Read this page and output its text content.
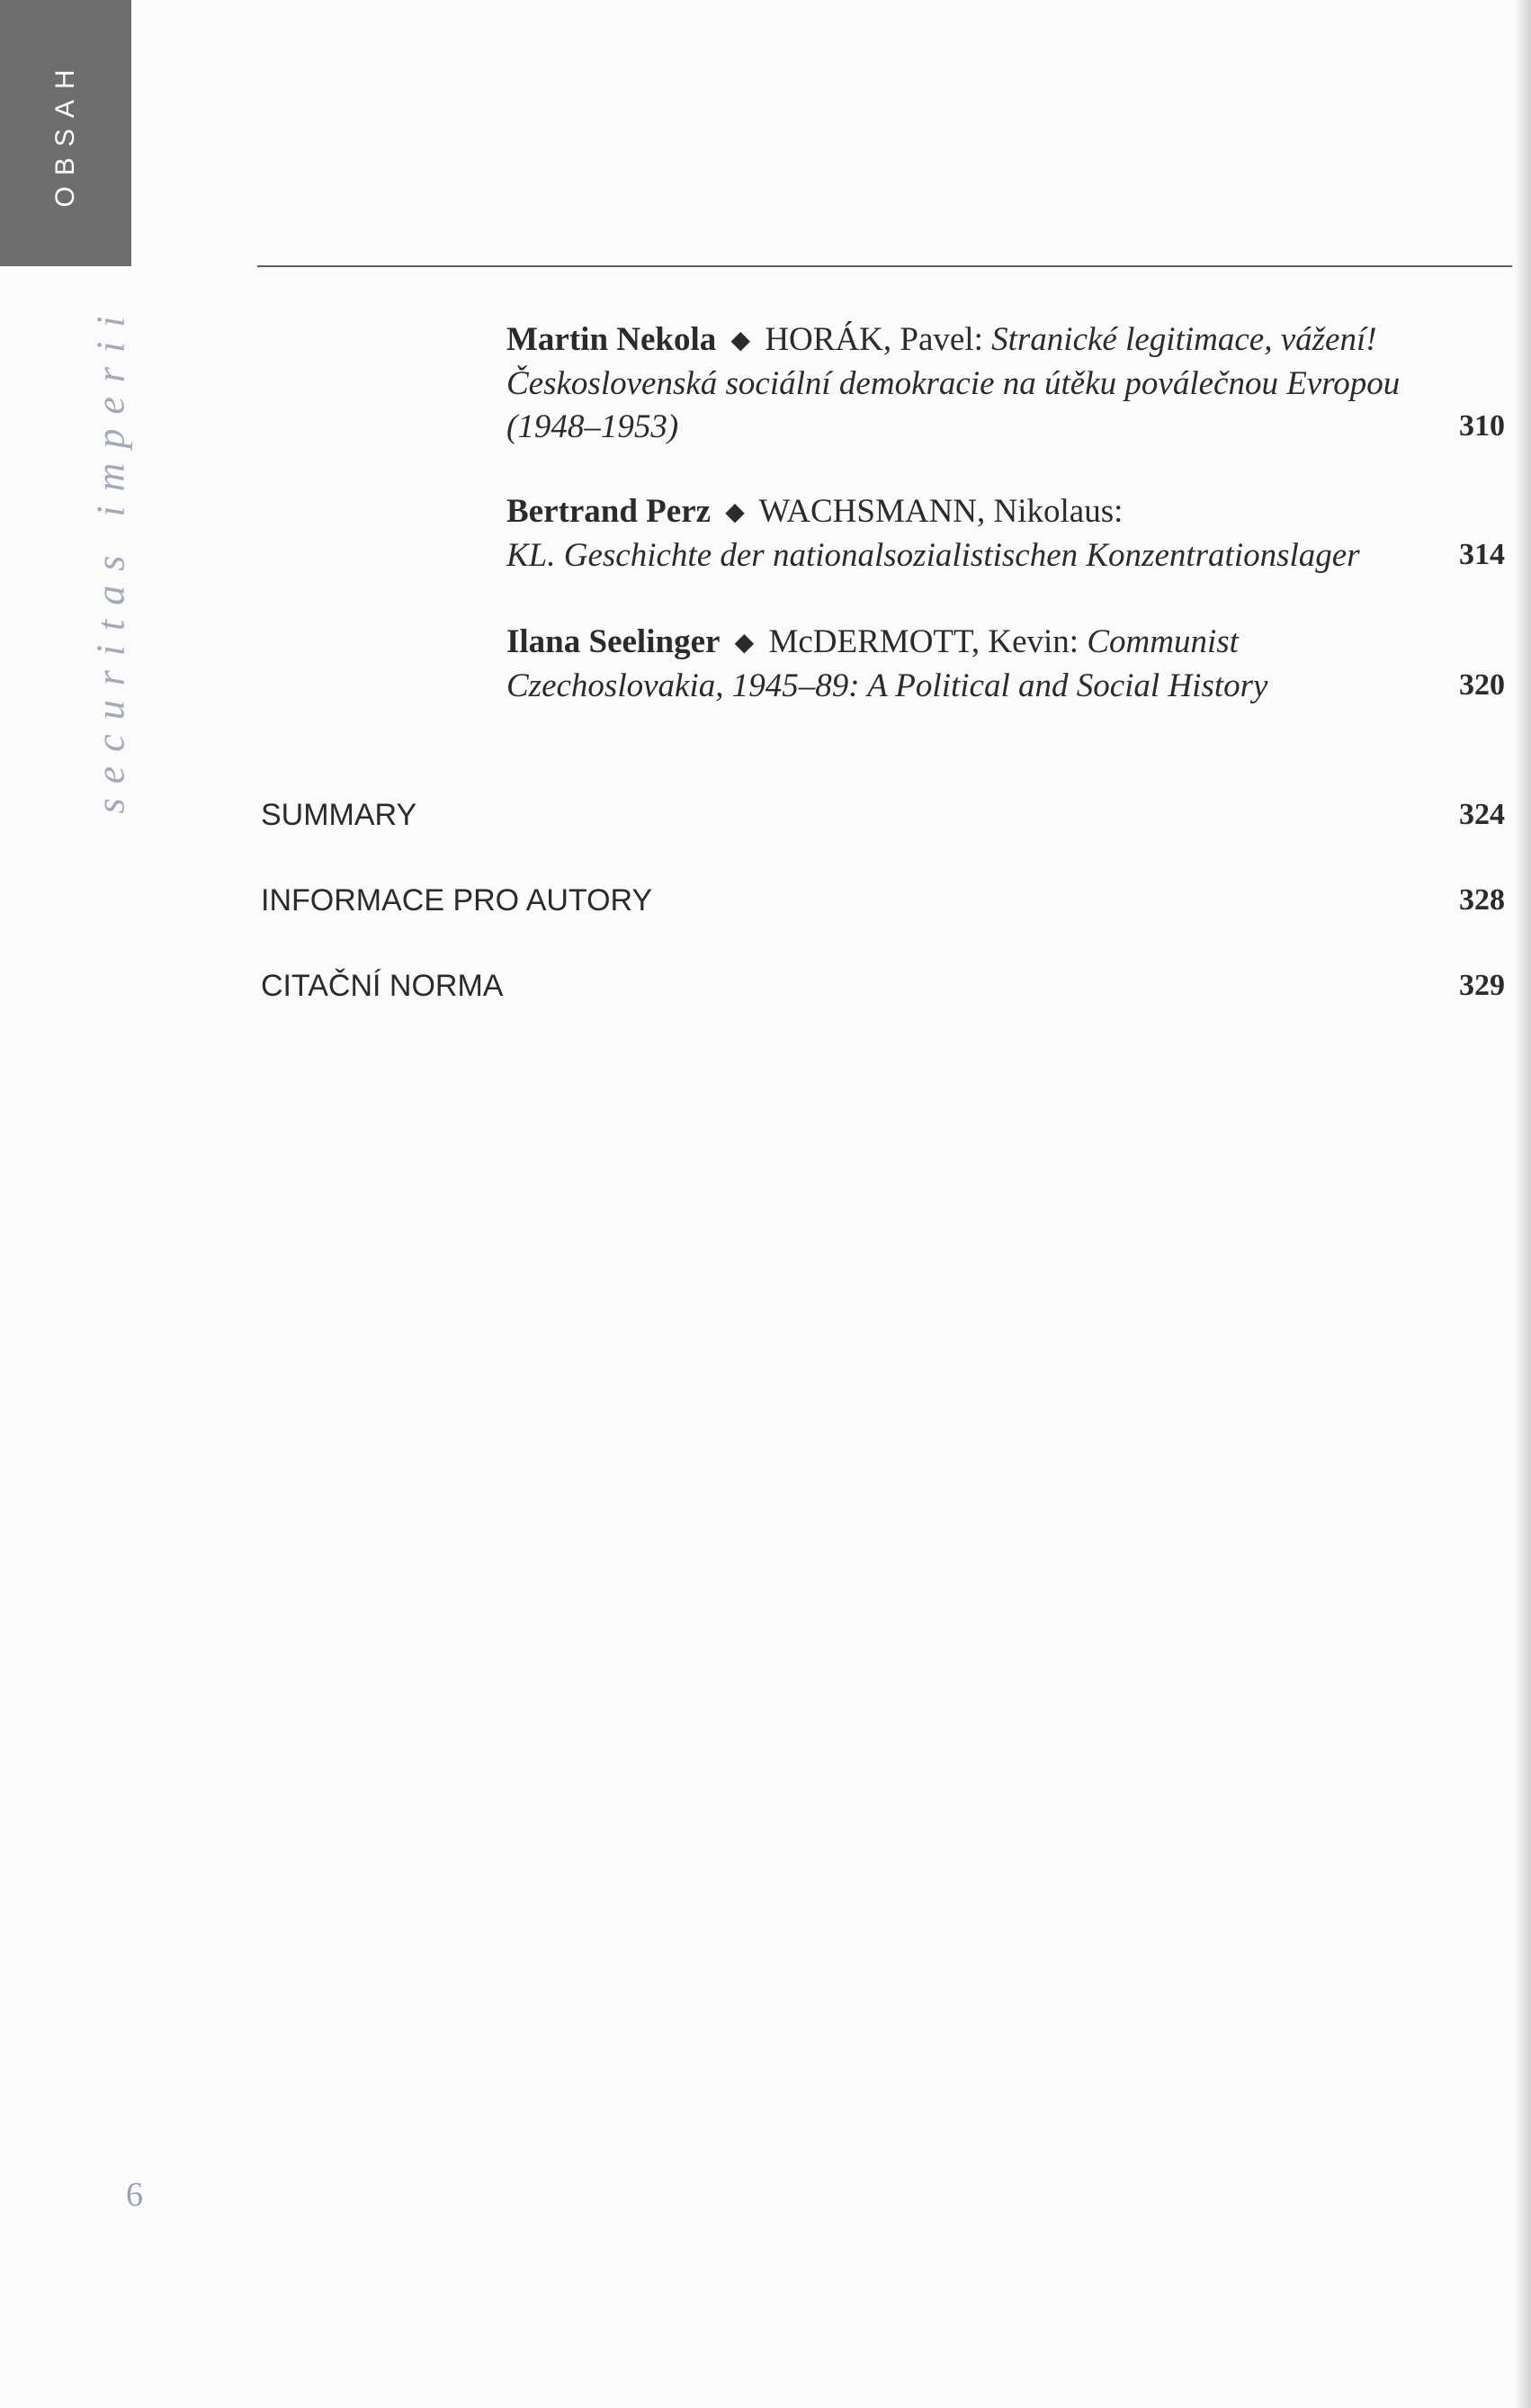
OBSAH
securitas imperii	Martin Nekola ◆ HORÁK, Pavel: Stranické legitimace, vážení!
Československá sociální demokracie na útěku poválečnou Evropou
(1948–1953)	310
Bertrand Perz ◆ WACHSMANN, Nikolaus:
KL. Geschichte der nationalsozialistischen Konzentrationslager	314
Ilana Seelinger ◆ McDERMOTT, Kevin: Communist
Czechoslovakia, 1945–89: A Political and Social History	320
SUMMARY	324
INFORMACE PRO AUTORY	328
CITAČNÍ NORMA	329
6
